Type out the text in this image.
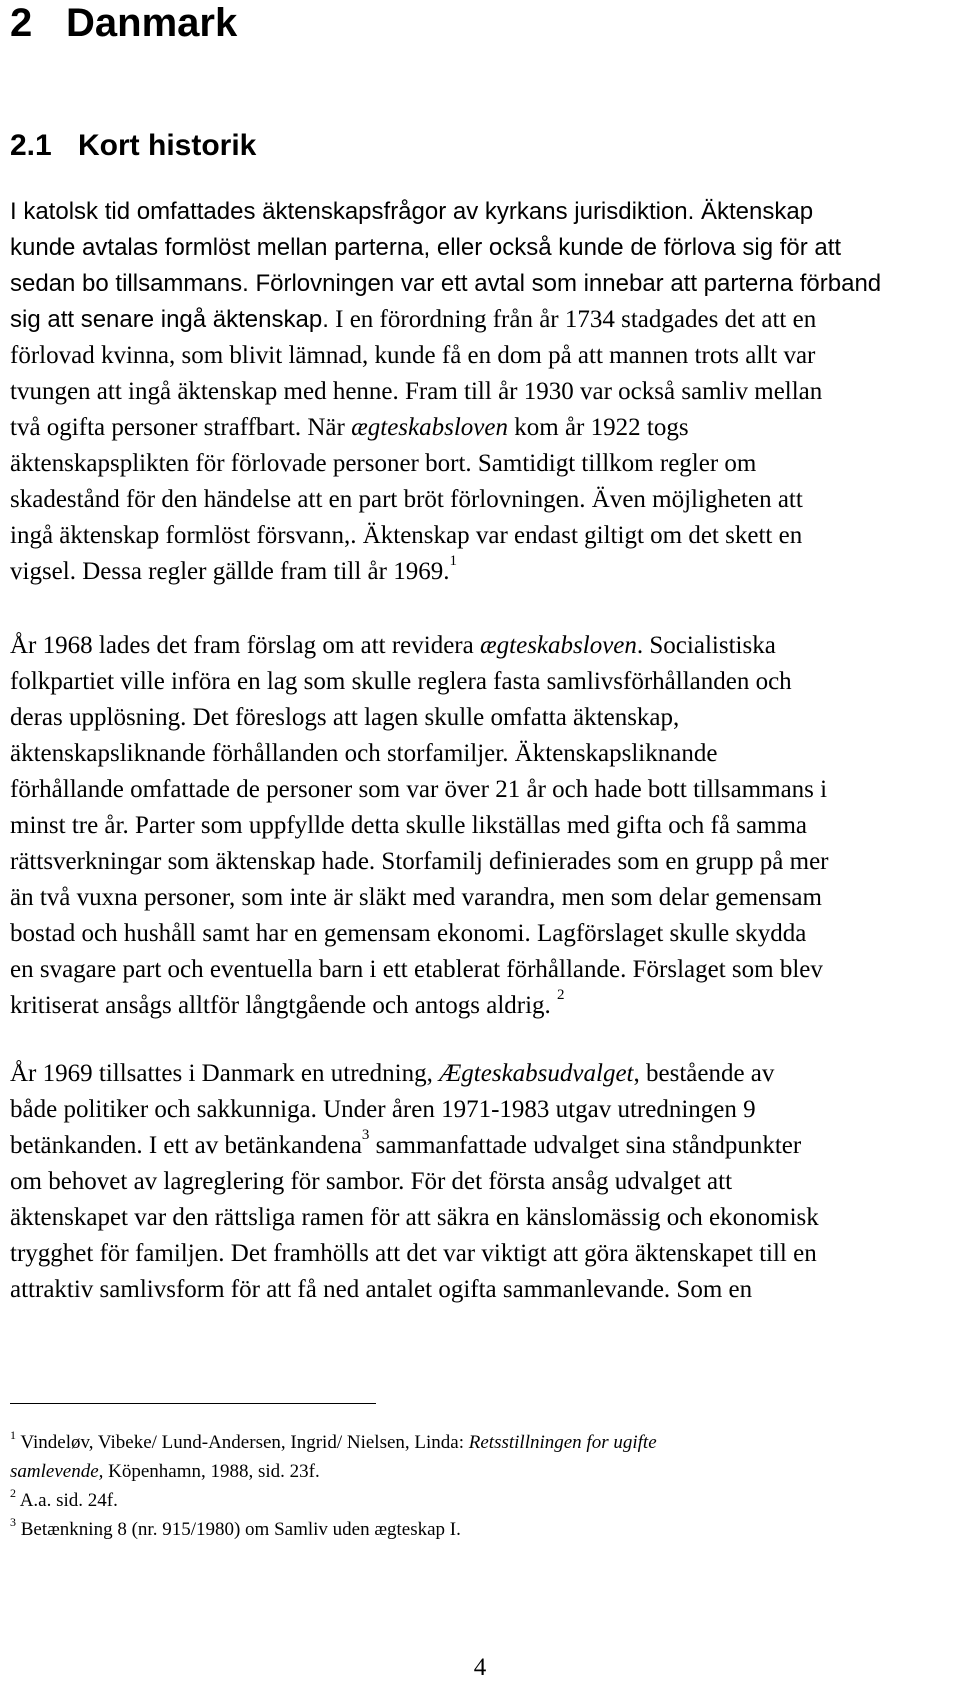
2 Danmark
2.1 Kort historik
I katolsk tid omfattades äktenskapsfrågor av kyrkans jurisdiktion. Äktenskap
kunde avtalas formlöst mellan parterna, eller också kunde de förlova sig för att
sedan bo tillsammans. Förlovningen var ett avtal som innebar att parterna förband
sig att senare ingå äktenskap. I en förordning från år 1734 stadgades det att en
förlovad kvinna, som blivit lämnad, kunde få en dom på att mannen trots allt var
tvungen att ingå äktenskap med henne. Fram till år 1930 var också samliv mellan
två ogifta personer straffbart. När ægteskabsloven kom år 1922 togs
äktenskapsplikten för förlovade personer bort. Samtidigt tillkom regler om
skadestånd för den händelse att en part bröt förlovningen. Även möjligheten att
ingå äktenskap formlöst försvann,. Äktenskap var endast giltigt om det skett en
vigsel. Dessa regler gällde fram till år 1969.$^1$
År 1968 lades det fram förslag om att revidera ægteskabsloven. Socialistiska
folkpartiet ville införa en lag som skulle reglera fasta samlivsförhållanden och
deras upplösning. Det föreslogs att lagen skulle omfatta äktenskap,
äktenskapsliknande förhållanden och storfamiljer. Äktenskapsliknande
förhållande omfattade de personer som var över 21 år och hade bott tillsammans i
minst tre år. Parter som uppfyllde detta skulle likställas med gifta och få samma
rättsverkningar som äktenskap hade. Storfamilj definierades som en grupp på mer
än två vuxna personer, som inte är släkt med varandra, men som delar gemensam
bostad och hushåll samt har en gemensam ekonomi. Lagförslaget skulle skydda
en svagare part och eventuella barn i ett etablerat förhållande. Förslaget som blev
kritiserat ansågs alltför långtgående och antogs aldrig. $^2$
År 1969 tillsattes i Danmark en utredning, Ægteskabsudvalget, bestående av
både politiker och sakkunniga. Under åren 1971-1983 utgav utredningen 9
betänkanden. I ett av betänkandena$^3$ sammanfattade udvalget sina ståndpunkter
om behovet av lagreglering för sambor. För det första ansåg udvalget att
äktenskapet var den rättsliga ramen för att säkra en känslomässig och ekonomisk
trygghet för familjen. Det framhölls att det var viktigt att göra äktenskapet till en
attraktiv samlivsform för att få ned antalet ogifta sammanlevande. Som en
$^1$ Vindeløv, Vibeke/ Lund-Andersen, Ingrid/ Nielsen, Linda: Retsstillningen for ugifte
samlevende, Köpenhamn, 1988, sid. 23f.
$^2$ A.a. sid. 24f.
$^3$ Betænkning 8 (nr. 915/1980) om Samliv uden ægteskap I.
4
